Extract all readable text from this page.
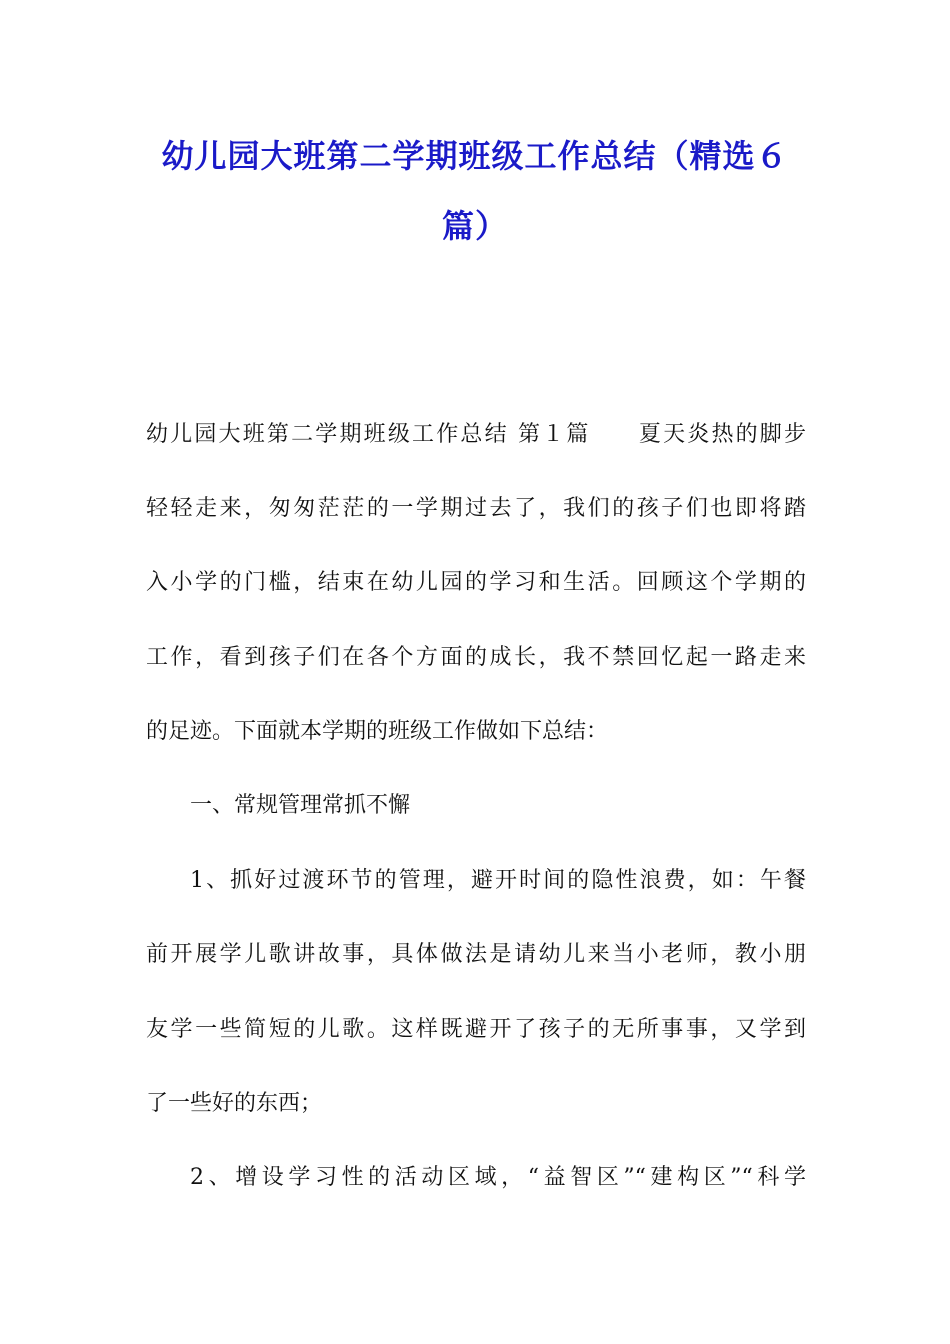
幼儿园大班第二学期班级工作总结（精选６
篇）
幼儿园大班第二学期班级工作总结 第１篇　　夏天炎热的脚步
轻轻走来，匆匆茫茫的一学期过去了，我们的孩子们也即将踏
入小学的门槛，结束在幼儿园的学习和生活。回顾这个学期的
工作，看到孩子们在各个方面的成长，我不禁回忆起一路走来
的足迹。下面就本学期的班级工作做如下总结：
一、常规管理常抓不懈
1、抓好过渡环节的管理，避开时间的隐性浪费，如：午餐
前开展学儿歌讲故事，具体做法是请幼儿来当小老师，教小朋
友学一些简短的儿歌。这样既避开了孩子的无所事事，又学到
了一些好的东西；
2、增设学习性的活动区域，“益智区”“建构区”“科学
